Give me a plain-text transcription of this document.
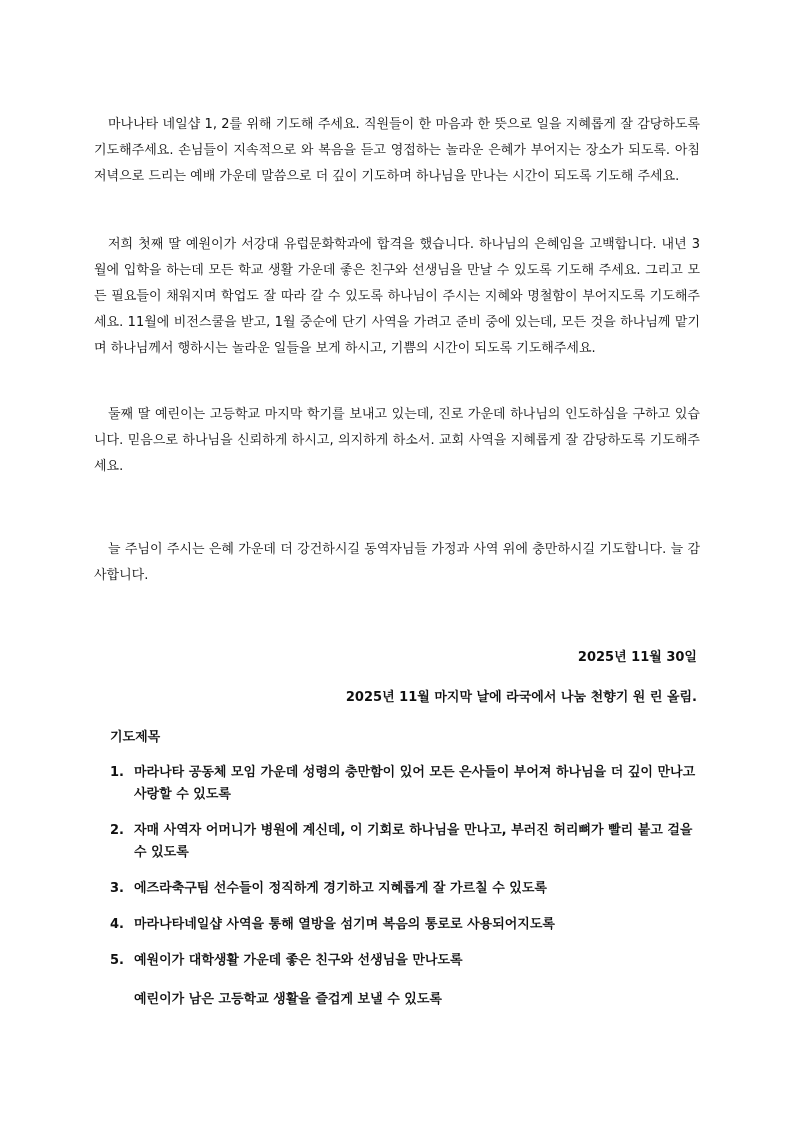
마나나타 네일샵 1, 2를 위해 기도해 주세요. 직원들이 한 마음과 한 뜻으로 일을 지혜롭게 잘 감당하도록 기도해주세요. 손님들이 지속적으로 와 복음을 듣고 영접하는 놀라운 은혜가 부어지는 장소가 되도록. 아침 저녁으로 드리는 예배 가운데 말씀으로 더 깊이 기도하며 하나님을 만나는 시간이 되도록 기도해 주세요.

저희 첫째 딸 예원이가 서강대 유럽문화학과에 합격을 했습니다. 하나님의 은혜임을 고백합니다. 내년 3월에 입학을 하는데 모든 학교 생활 가운데 좋은 친구와 선생님을 만날 수 있도록 기도해 주세요. 그리고 모든 필요들이 채워지며 학업도 잘 따라 갈 수 있도록 하나님이 주시는 지혜와 명철함이 부어지도록 기도해주세요. 11월에 비전스쿨을 받고, 1월 중순에 단기 사역을 가려고 준비 중에 있는데, 모든 것을 하나님께 맡기며 하나님께서 행하시는 놀라운 일들을 보게 하시고, 기쁨의 시간이 되도록 기도해주세요.

둘째 딸 예린이는 고등학교 마지막 학기를 보내고 있는데, 진로 가운데 하나님의 인도하심을 구하고 있습니다. 믿음으로 하나님을 신뢰하게 하시고, 의지하게 하소서. 교회 사역을 지혜롭게 잘 감당하도록 기도해주세요.

늘 주님이 주시는 은혜 가운데 더 강건하시길 동역자님들 가정과 사역 위에 충만하시길 기도합니다. 늘 감사합니다.

2025년 11월 30일
2025년 11월 마지막 날에 라국에서 나눔 천향기 원 린 올림.
기도제목
1. 마라나타 공동체 모임 가운데 성령의 충만함이 있어 모든 은사들이 부어져 하나님을 더 깊이 만나고 사랑할 수 있도록
2. 자매 사역자 어머니가 병원에 계신데, 이 기회로 하나님을 만나고, 부러진 허리뼈가 빨리 붙고 걸을 수 있도록
3. 에즈라축구팀 선수들이 정직하게 경기하고 지혜롭게 잘 가르칠 수 있도록
4. 마라나타네일샵 사역을 통해 열방을 섬기며 복음의 통로로 사용되어지도록
5. 예원이가 대학생활 가운데 좋은 친구와 선생님을 만나도록
예린이가 남은 고등학교 생활을 즐겁게 보낼 수 있도록
